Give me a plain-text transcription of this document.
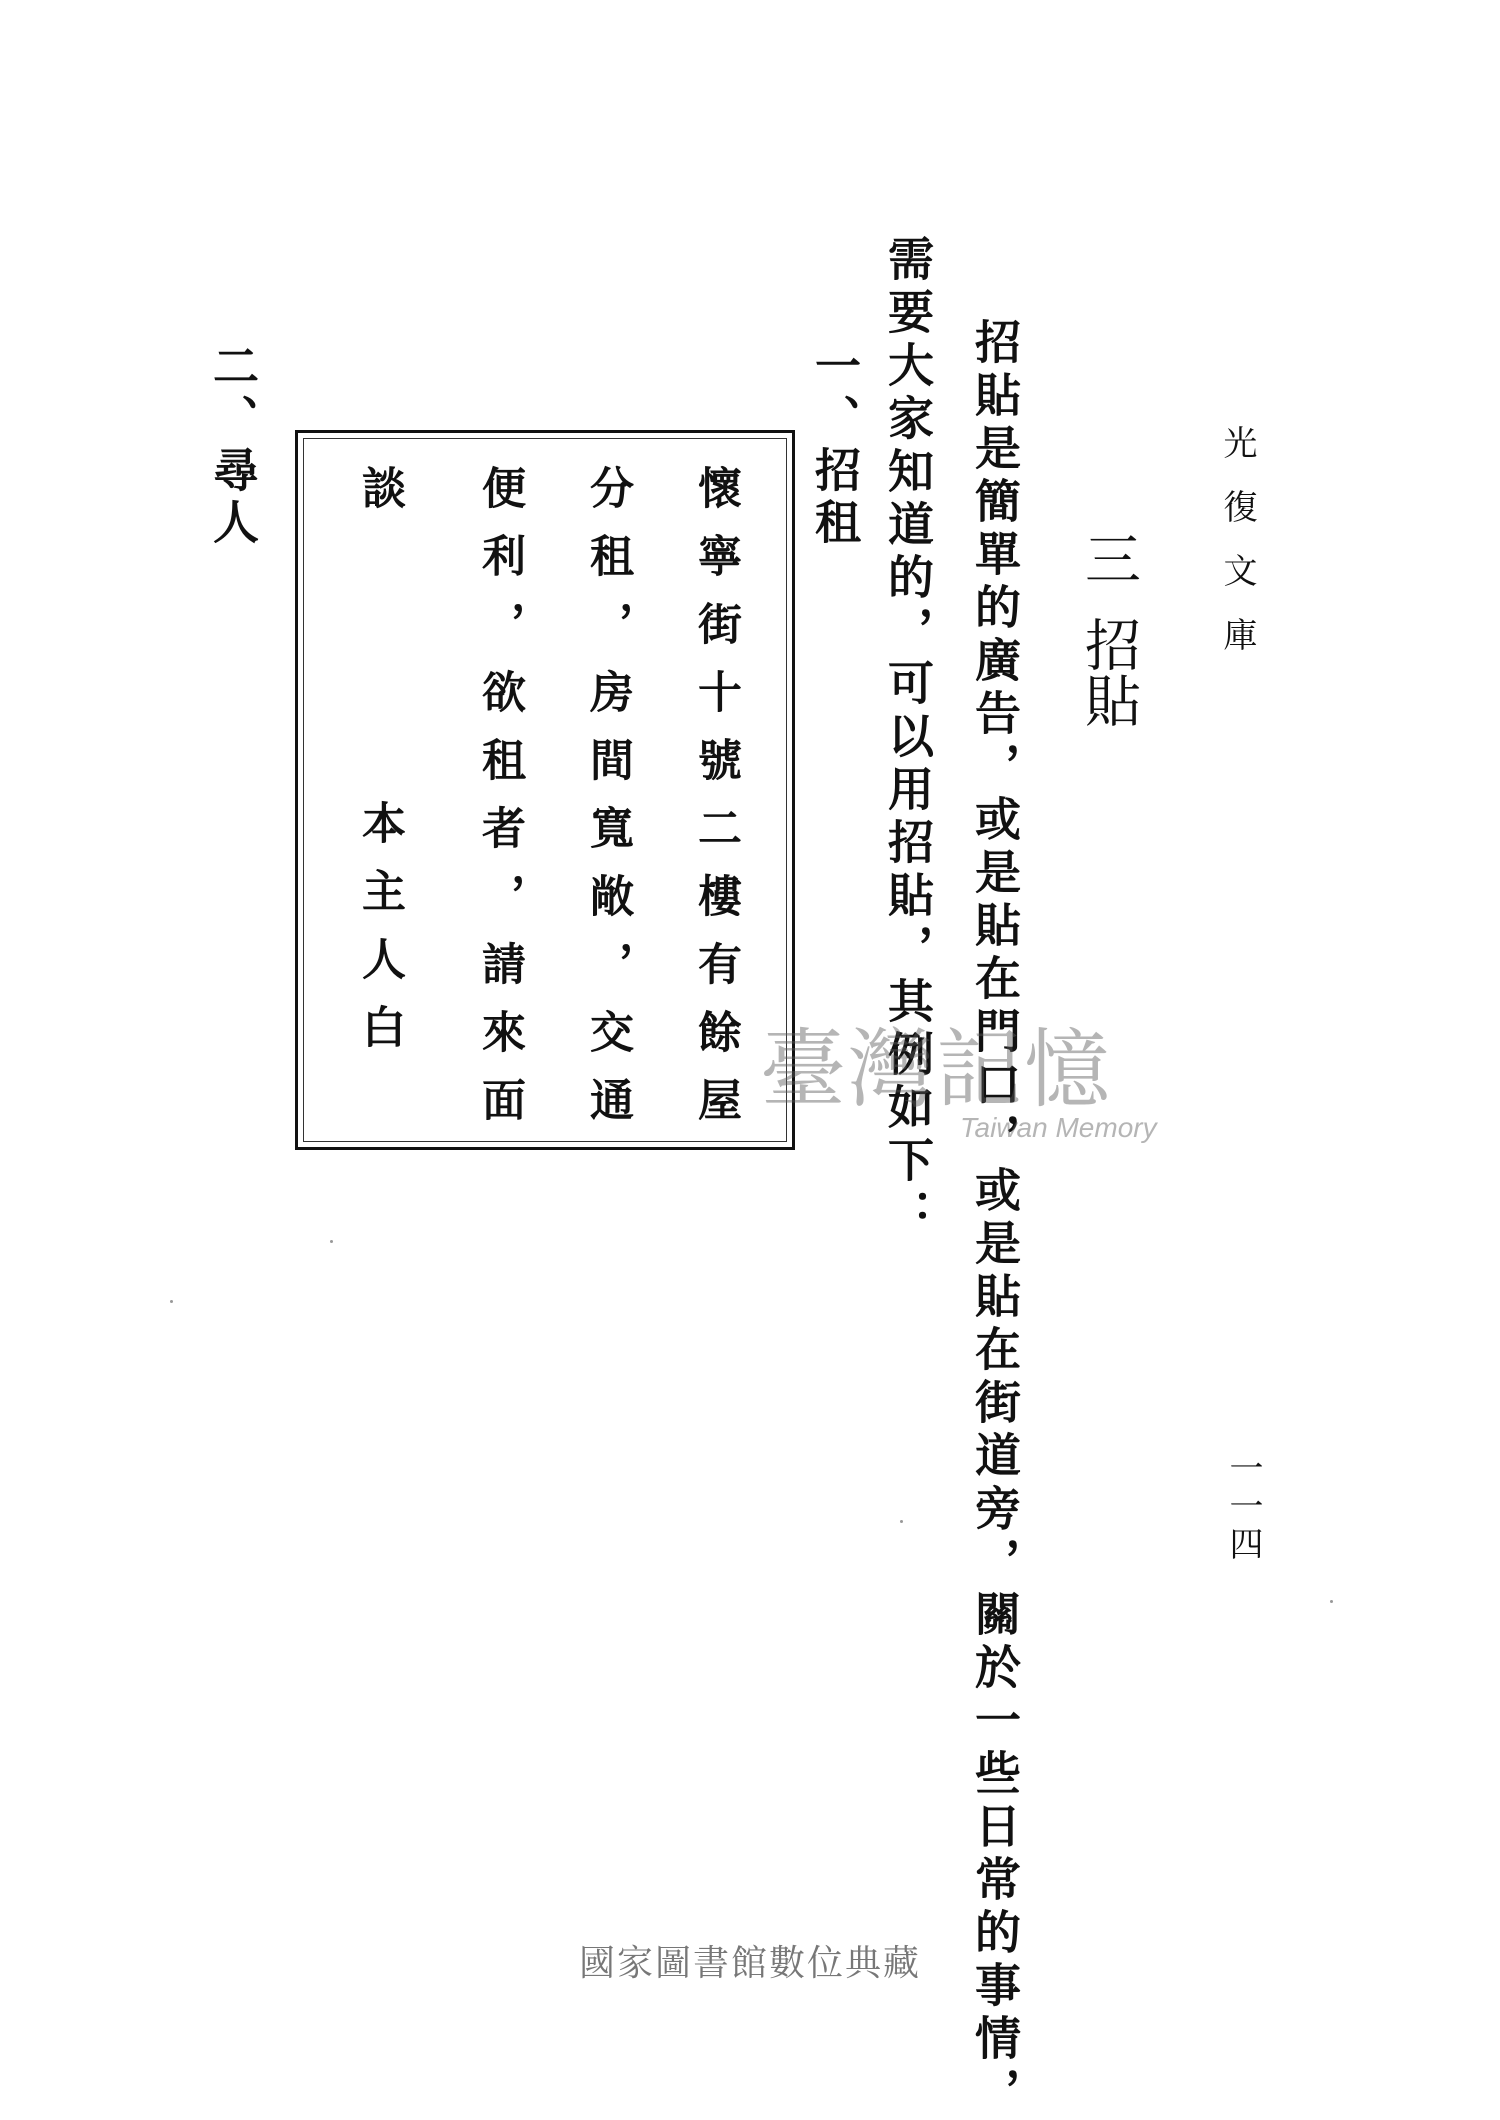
光復文庫
一一四
三招貼
招貼是簡單的廣告，或是貼在門口，或是貼在街道旁，關於一些日常的事情，
需要大家知道的，可以用招貼，其例如下：
一、招租
懷寧街十號二樓有餘屋
分租，房間寬敞，交通
便利，欲租者，請來面
談
本主人白
二、尋人
臺灣記憶
Taiwan Memory
國家圖書館數位典藏
